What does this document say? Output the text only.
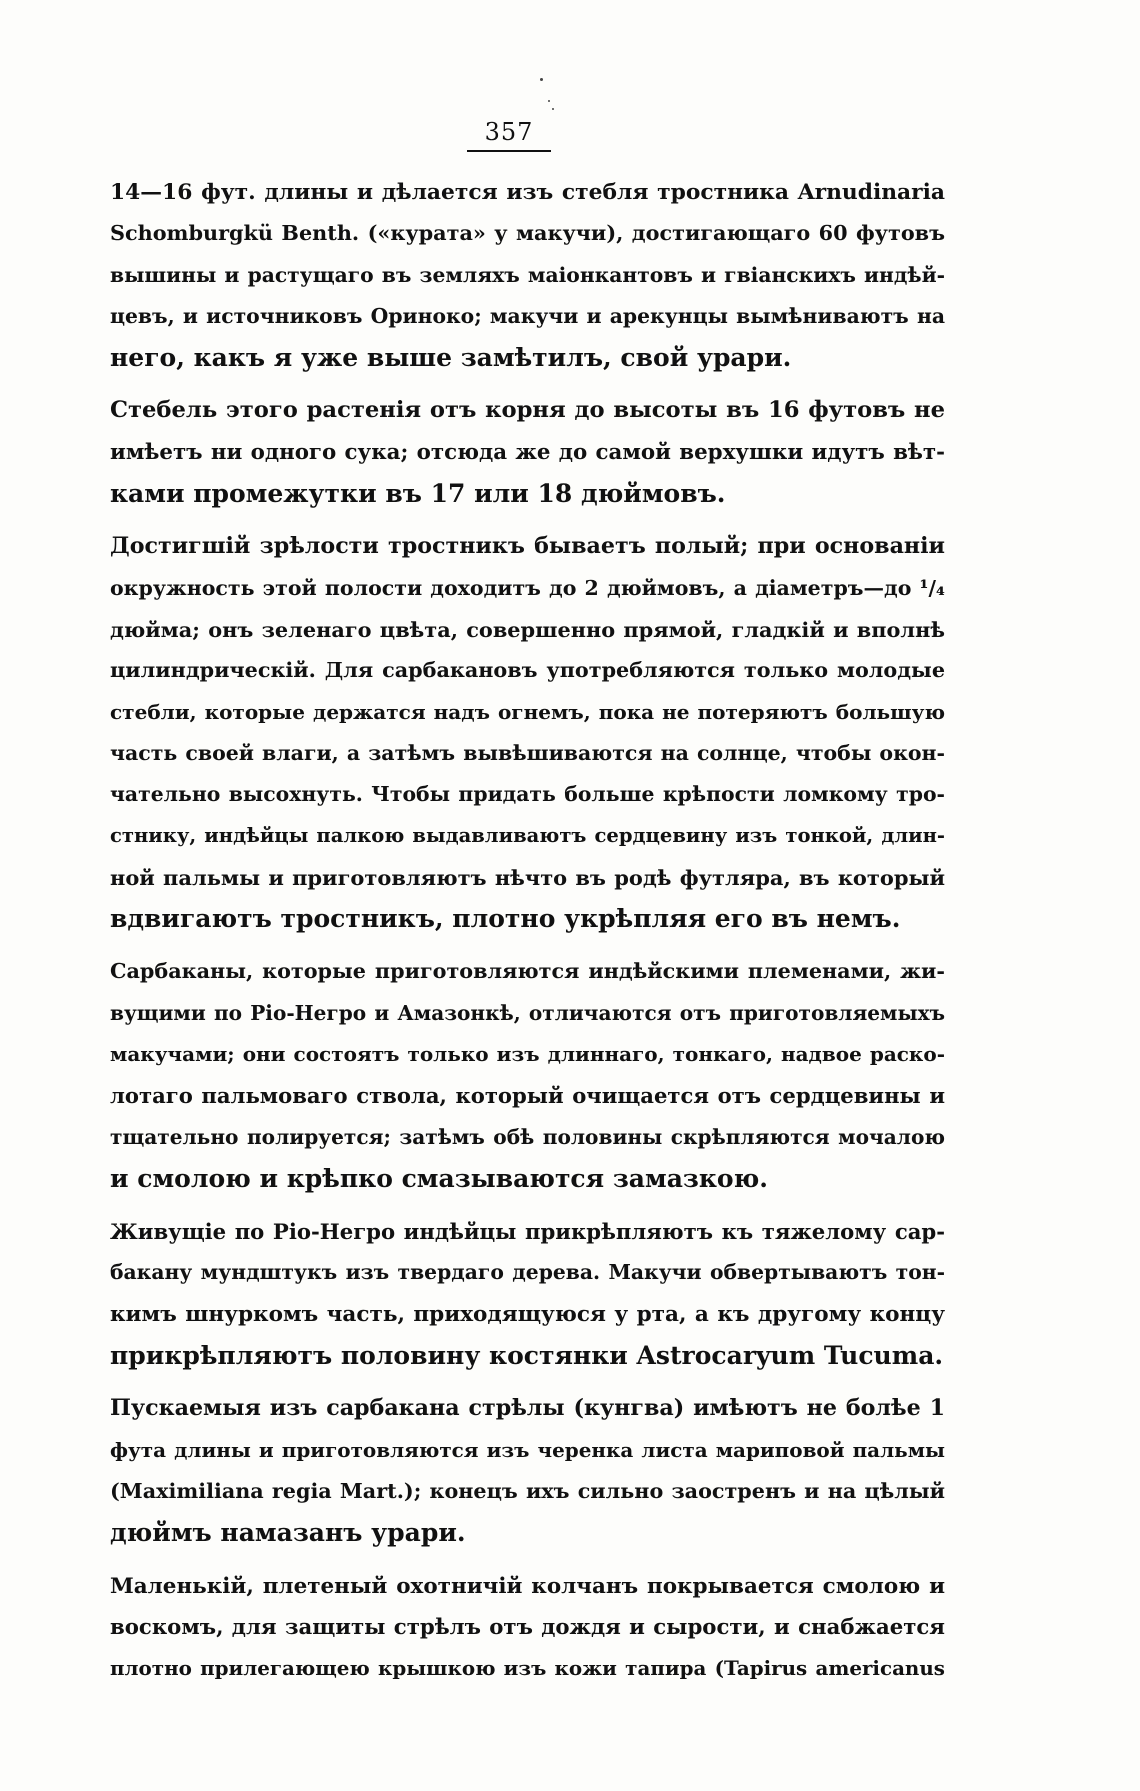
357
14—16 фут. длины и дѣлается изъ стебля тростника Arnudinaria
Schomburgkü Benth. («курата» у макучи), достигающаго 60 футовъ
вышины и растущаго въ земляхъ маіонкантовъ и гвіанскихъ индѣй-
цевъ, и источниковъ Ориноко; макучи и арекунцы вымѣниваютъ на
него, какъ я уже выше замѣтилъ, свой урари.
Стебель этого растенія отъ корня до высоты въ 16 футовъ не
имѣетъ ни одного сука; отсюда же до самой верхушки идутъ вѣт-
ками промежутки въ 17 или 18 дюймовъ.
Достигшій зрѣлости тростникъ бываетъ полый; при основаніи
окружность этой полости доходитъ до 2 дюймовъ, а діаметръ—до ¹/₄
дюйма; онъ зеленаго цвѣта, совершенно прямой, гладкій и вполнѣ
цилиндрическій. Для сарбакановъ употребляются только молодые
стебли, которые держатся надъ огнемъ, пока не потеряютъ большую
часть своей влаги, а затѣмъ вывѣшиваются на солнце, чтобы окон-
чательно высохнуть. Чтобы придать больше крѣпости ломкому тро-
стнику, индѣйцы палкою выдавливаютъ сердцевину изъ тонкой, длин-
ной пальмы и приготовляютъ нѣчто въ родѣ футляра, въ который
вдвигаютъ тростникъ, плотно укрѣпляя его въ немъ.
Сарбаканы, которые приготовляются индѣйскими племенами, жи-
вущими по Ріо-Негро и Амазонкѣ, отличаются отъ приготовляемыхъ
макучами; они состоятъ только изъ длиннаго, тонкаго, надвое раско-
лотаго пальмоваго ствола, который очищается отъ сердцевины и
тщательно полируется; затѣмъ обѣ половины скрѣпляются мочалою
и смолою и крѣпко смазываются замазкою.
Живущіе по Ріо-Негро индѣйцы прикрѣпляютъ къ тяжелому сар-
бакану мундштукъ изъ твердаго дерева. Макучи обвертываютъ тон-
кимъ шнуркомъ часть, приходящуюся у рта, а къ другому концу
прикрѣпляютъ половину костянки Astrocaryum Tucuma.
Пускаемыя изъ сарбакана стрѣлы (кунгва) имѣютъ не болѣе 1
фута длины и приготовляются изъ черенка листа мариповой пальмы
(Maximiliana regia Mart.); конецъ ихъ сильно заостренъ и на цѣлый
дюймъ намазанъ урари.
Маленькій, плетеный охотничій колчанъ покрывается смолою и
воскомъ, для защиты стрѣлъ отъ дождя и сырости, и снабжается
плотно прилегающею крышкою изъ кожи тапира (Tapirus americanus
